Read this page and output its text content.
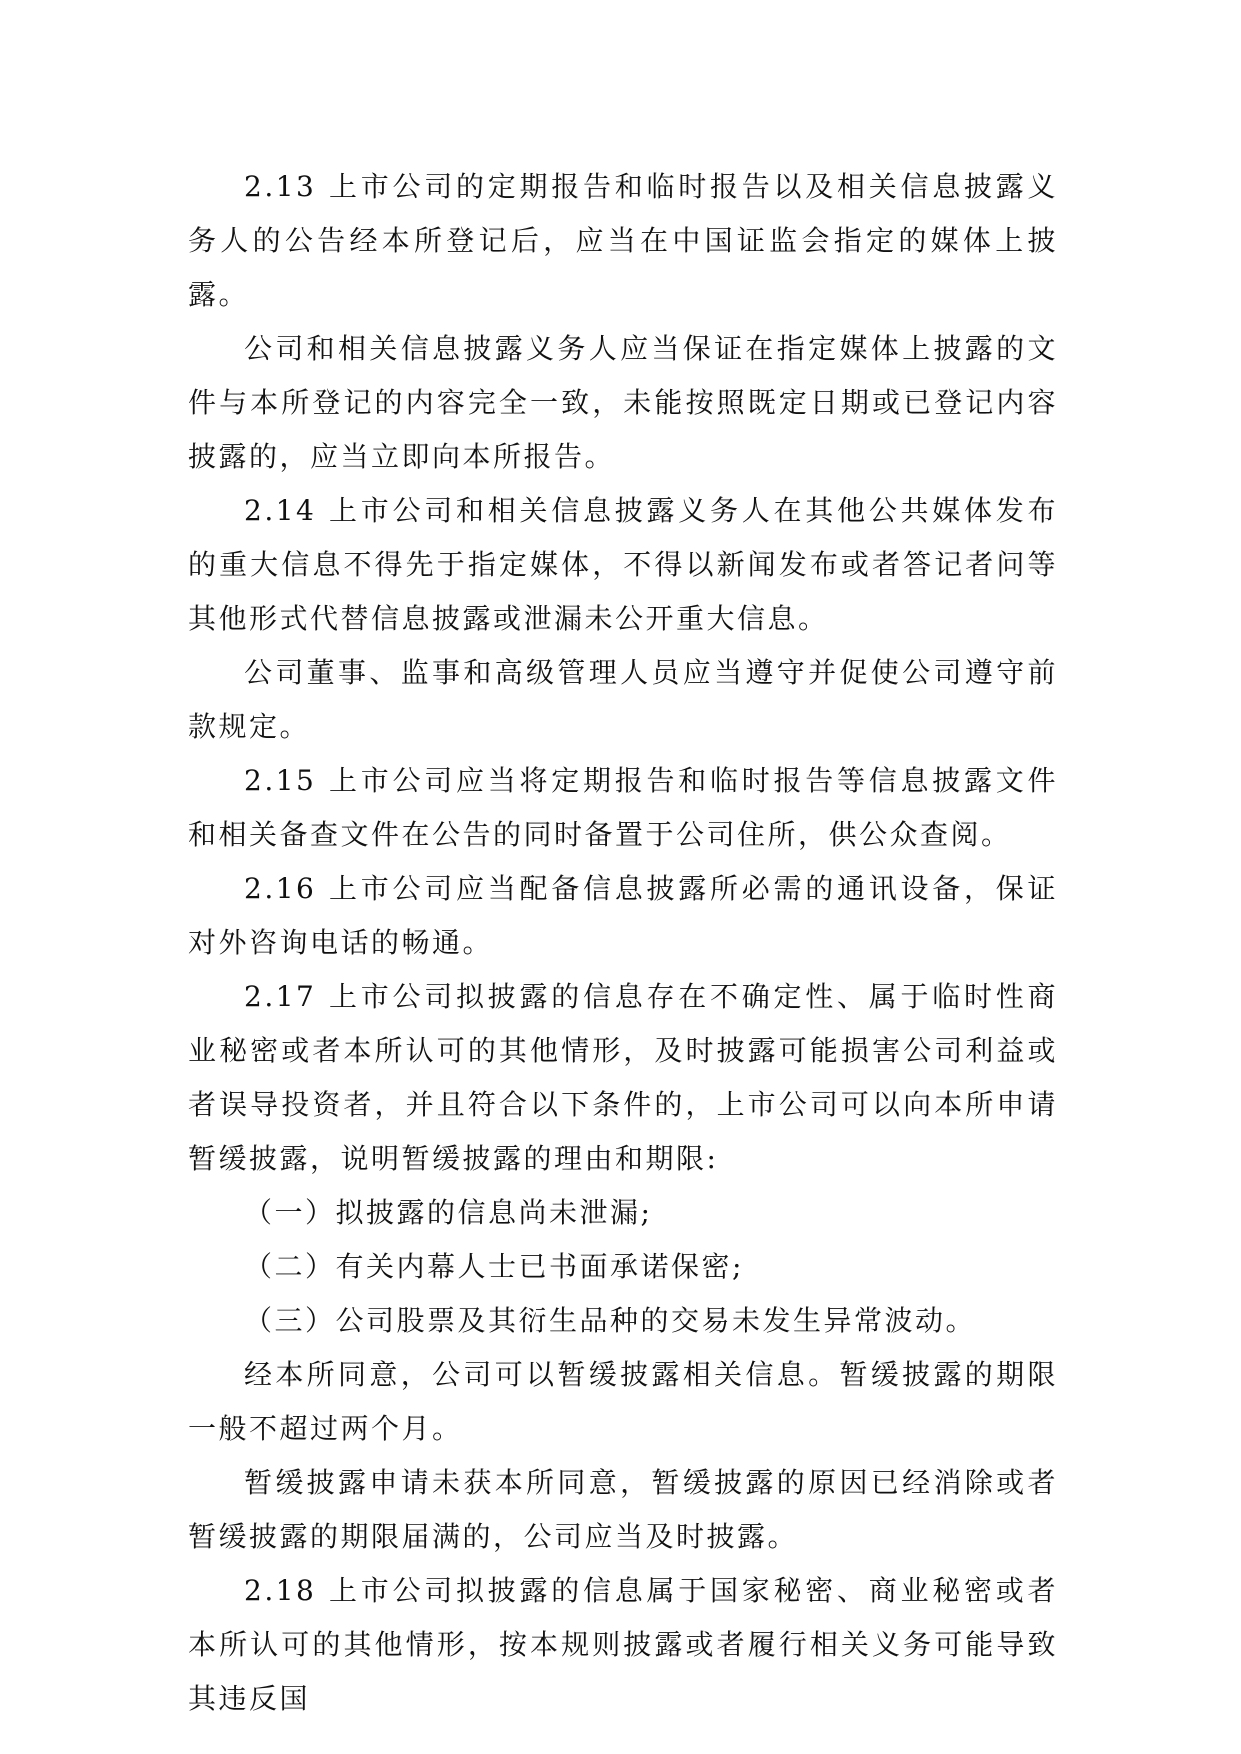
2.13 上市公司的定期报告和临时报告以及相关信息披露义务人的公告经本所登记后，应当在中国证监会指定的媒体上披露。

公司和相关信息披露义务人应当保证在指定媒体上披露的文件与本所登记的内容完全一致，未能按照既定日期或已登记内容披露的，应当立即向本所报告。

2.14 上市公司和相关信息披露义务人在其他公共媒体发布的重大信息不得先于指定媒体，不得以新闻发布或者答记者问等其他形式代替信息披露或泄漏未公开重大信息。

公司董事、监事和高级管理人员应当遵守并促使公司遵守前款规定。

2.15 上市公司应当将定期报告和临时报告等信息披露文件和相关备查文件在公告的同时备置于公司住所，供公众查阅。

2.16 上市公司应当配备信息披露所必需的通讯设备，保证对外咨询电话的畅通。

2.17 上市公司拟披露的信息存在不确定性、属于临时性商业秘密或者本所认可的其他情形，及时披露可能损害公司利益或者误导投资者，并且符合以下条件的，上市公司可以向本所申请暂缓披露，说明暂缓披露的理由和期限:

（一）拟披露的信息尚未泄漏;

（二）有关内幕人士已书面承诺保密;

（三）公司股票及其衍生品种的交易未发生异常波动。

经本所同意，公司可以暂缓披露相关信息。暂缓披露的期限一般不超过两个月。

暂缓披露申请未获本所同意，暂缓披露的原因已经消除或者暂缓披露的期限届满的，公司应当及时披露。

2.18 上市公司拟披露的信息属于国家秘密、商业秘密或者本所认可的其他情形，按本规则披露或者履行相关义务可能导致其违反国
